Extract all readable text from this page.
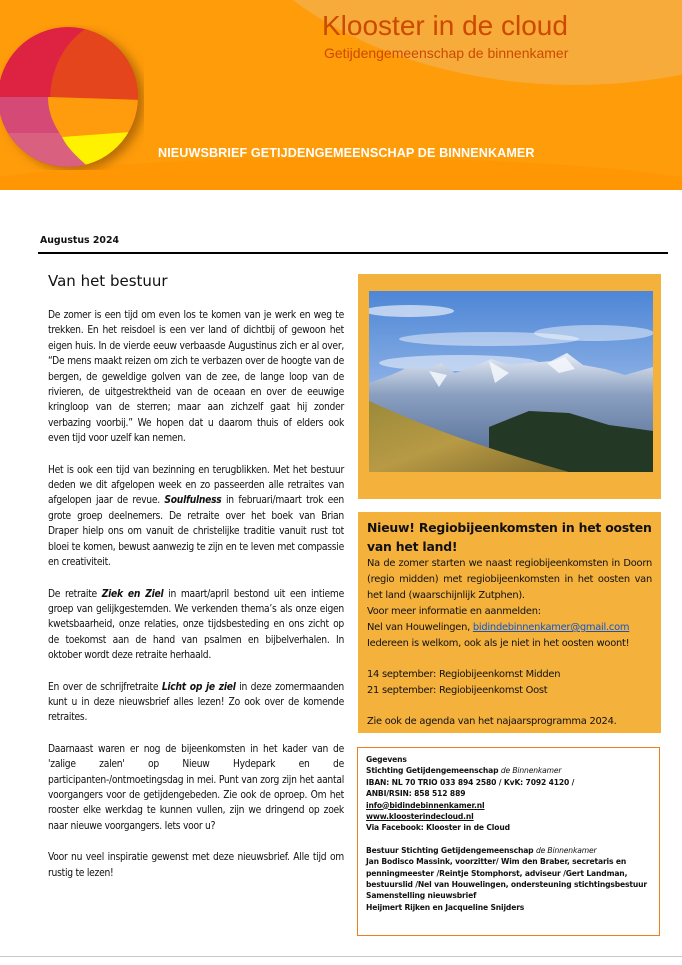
Klooster in de cloud
Getijdengemeenschap de binnenkamer
NIEUWSBRIEF GETIJDENGEMEENSCHAP DE BINNENKAMER
Augustus 2024
Van het bestuur

De zomer is een tijd om even los te komen van je werk en weg te trekken. En het reisdoel is een ver land of dichtbij of gewoon het eigen huis. In de vierde eeuw verbaasde Augustinus zich er al over, “De mens maakt reizen om zich te verbazen over de hoogte van de bergen, de geweldige golven van de zee, de lange loop van de rivieren, de uitgestrektheid van de oceaan en over de eeuwige kringloop van de sterren; maar aan zichzelf gaat hij zonder verbazing voorbij.” We hopen dat u daarom thuis of elders ook even tijd voor uzelf kan nemen.

Het is ook een tijd van bezinning en terugblikken. Met het bestuur deden we dit afgelopen week en zo passeerden alle retraites van afgelopen jaar de revue. Soulfulness in februari/maart trok een grote groep deelnemers. De retraite over het boek van Brian Draper hielp ons om vanuit de christelijke traditie vanuit rust tot bloei te komen, bewust aanwezig te zijn en te leven met compassie en creativiteit.

De retraite Ziek en Ziel in maart/april bestond uit een intieme groep van gelijkgestemden. We verkenden thema’s als onze eigen kwetsbaarheid, onze relaties, onze tijdsbesteding en ons zicht op de toekomst aan de hand van psalmen en bijbelverhalen. In oktober wordt deze retraite herhaald.

En over de schrijfretraite Licht op je ziel in deze zomermaanden kunt u in deze nieuwsbrief alles lezen! Zo ook over de komende retraites.

Daarnaast waren er nog de bijeenkomsten in het kader van de 'zalige zalen' op Nieuw Hydepark en de participanten-/ontmoetingsdag in mei. Punt van zorg zijn het aantal voorgangers voor de getijdengebeden. Zie ook de oproep. Om het rooster elke werkdag te kunnen vullen, zijn we dringend op zoek naar nieuwe voorgangers. Iets voor u?

Voor nu veel inspiratie gewenst met deze nieuwsbrief. Alle tijd om rustig te lezen!

Nieuw! Regiobijeenkomsten in het oosten van het land!

Na de zomer starten we naast regiobijeenkomsten in Doorn (regio midden) met regiobijeenkomsten in het oosten van het land (waarschijnlijk Zutphen).

Voor meer informatie en aanmelden:

Nel van Houwelingen, bidindebinnenkamer@gmail.com

Iedereen is welkom, ook als je niet in het oosten woont!

14 september: Regiobijeenkomst Midden

21 september: Regiobijeenkomst Oost

Zie ook de agenda van het najaarsprogramma 2024.

Gegevens

Stichting Getijdengemeenschap de Binnenkamer

IBAN: NL 70 TRIO 033 894 2580 / KvK: 7092 4120 /

ANBI/RSIN: 858 512 889

info@bidindebinnenkamer.nl

www.kloosterindecloud.nl

Via Facebook: Klooster in de Cloud

Bestuur Stichting Getijdengemeenschap de Binnenkamer

Jan Bodisco Massink, voorzitter/ Wim den Braber, secretaris en penningmeester /Reintje Stomphorst, adviseur /Gert Landman, bestuurslid /Nel van Houwelingen, ondersteuning stichtingsbestuur

Samenstelling nieuwsbrief

Heijmert Rijken en Jacqueline Snijders
